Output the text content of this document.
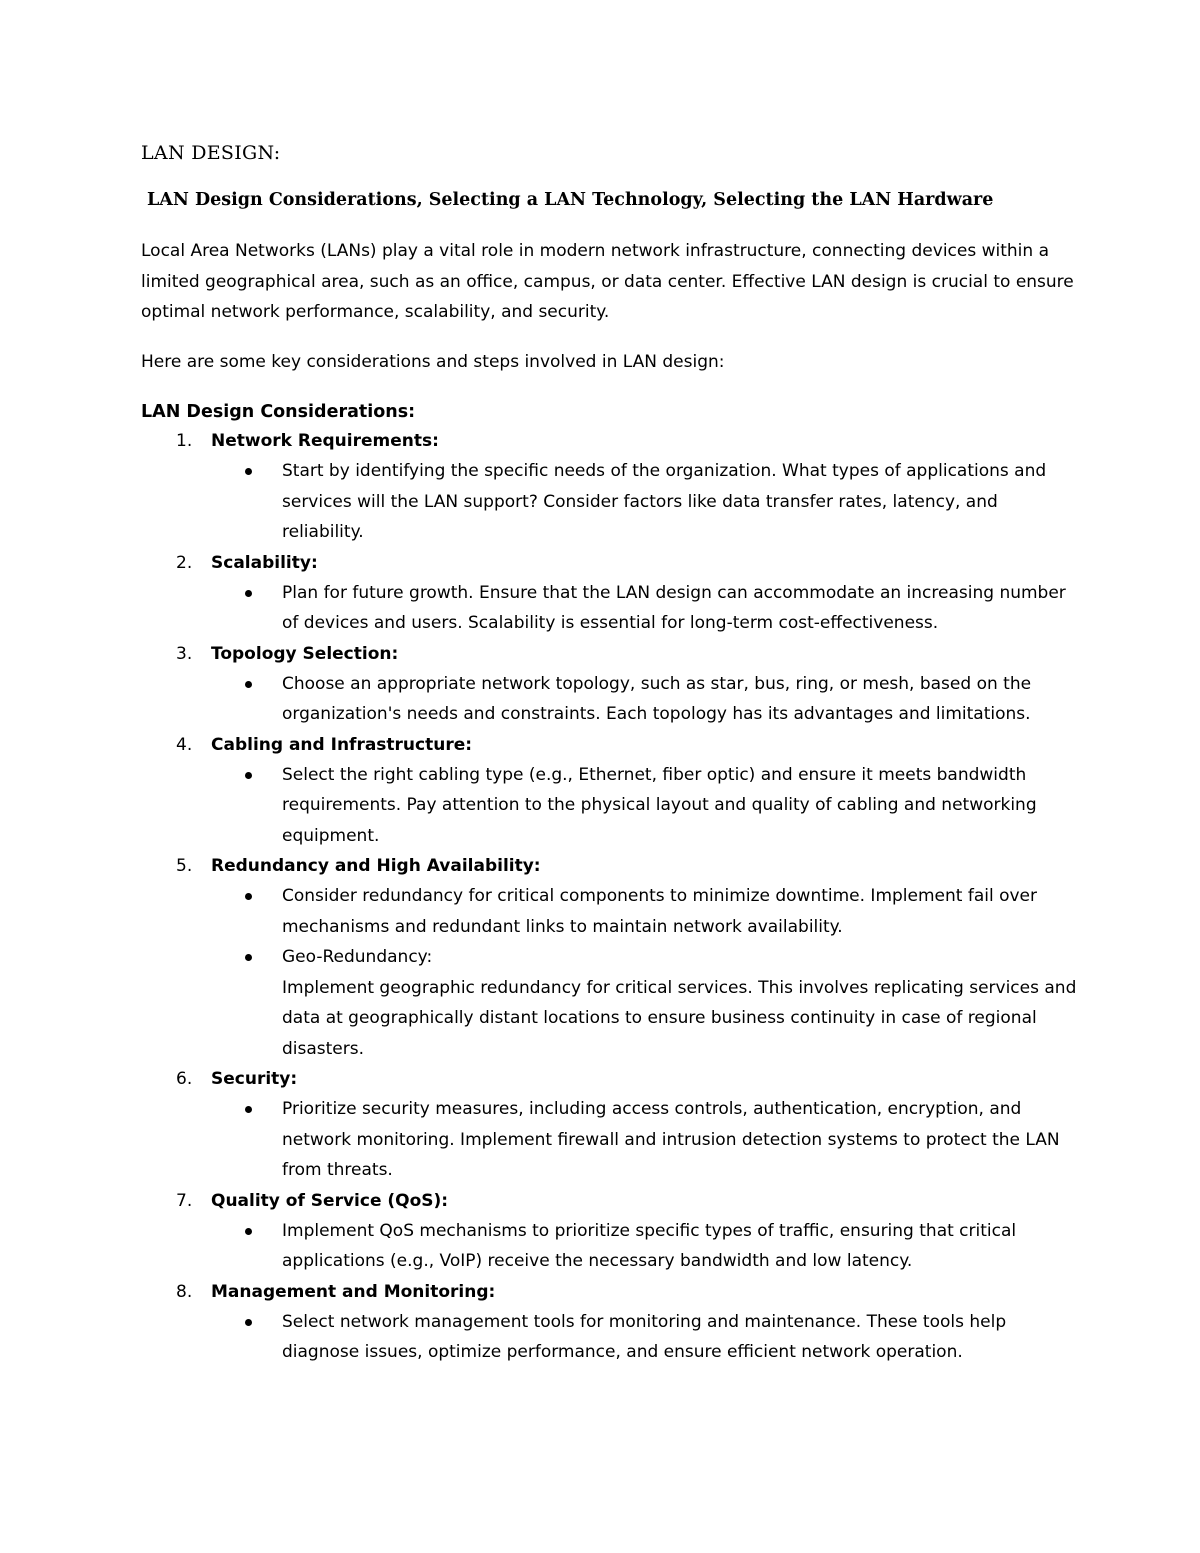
LAN DESIGN:
LAN Design Considerations, Selecting a LAN Technology, Selecting the LAN Hardware

Local Area Networks (LANs) play a vital role in modern network infrastructure, connecting devices within a limited geographical area, such as an office, campus, or data center. Effective LAN design is crucial to ensure optimal network performance, scalability, and security.

Here are some key considerations and steps involved in LAN design:

LAN Design Considerations:
1. Network Requirements:
Start by identifying the specific needs of the organization. What types of applications and services will the LAN support? Consider factors like data transfer rates, latency, and reliability.
2. Scalability:
Plan for future growth. Ensure that the LAN design can accommodate an increasing number of devices and users. Scalability is essential for long-term cost-effectiveness.
3. Topology Selection:
Choose an appropriate network topology, such as star, bus, ring, or mesh, based on the organization's needs and constraints. Each topology has its advantages and limitations.
4. Cabling and Infrastructure:
Select the right cabling type (e.g., Ethernet, fiber optic) and ensure it meets bandwidth requirements. Pay attention to the physical layout and quality of cabling and networking equipment.
5. Redundancy and High Availability:
Consider redundancy for critical components to minimize downtime. Implement fail over mechanisms and redundant links to maintain network availability.
Geo-Redundancy:
Implement geographic redundancy for critical services. This involves replicating services and data at geographically distant locations to ensure business continuity in case of regional disasters.
6. Security:
Prioritize security measures, including access controls, authentication, encryption, and network monitoring. Implement firewall and intrusion detection systems to protect the LAN from threats.
7. Quality of Service (QoS):
Implement QoS mechanisms to prioritize specific types of traffic, ensuring that critical applications (e.g., VoIP) receive the necessary bandwidth and low latency.
8. Management and Monitoring:
Select network management tools for monitoring and maintenance. These tools help diagnose issues, optimize performance, and ensure efficient network operation.
